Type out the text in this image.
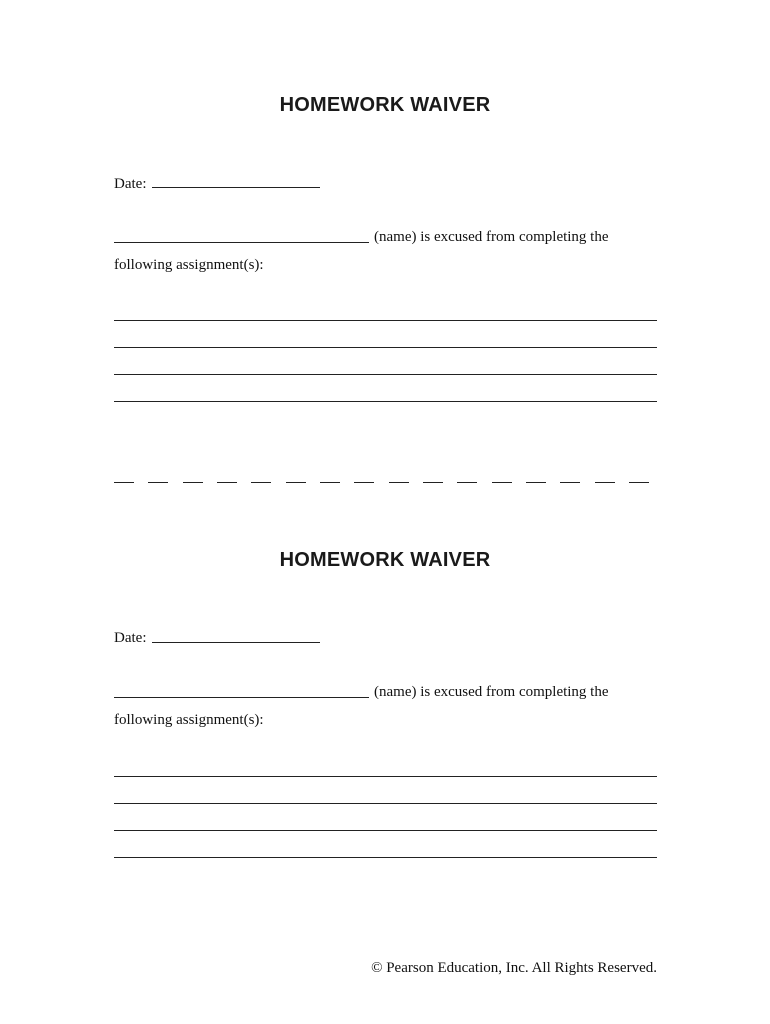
HOMEWORK WAIVER
Date:
(name) is excused from completing the
following assignment(s):
HOMEWORK WAIVER
Date:
(name) is excused from completing the
following assignment(s):
© Pearson Education, Inc. All Rights Reserved.
